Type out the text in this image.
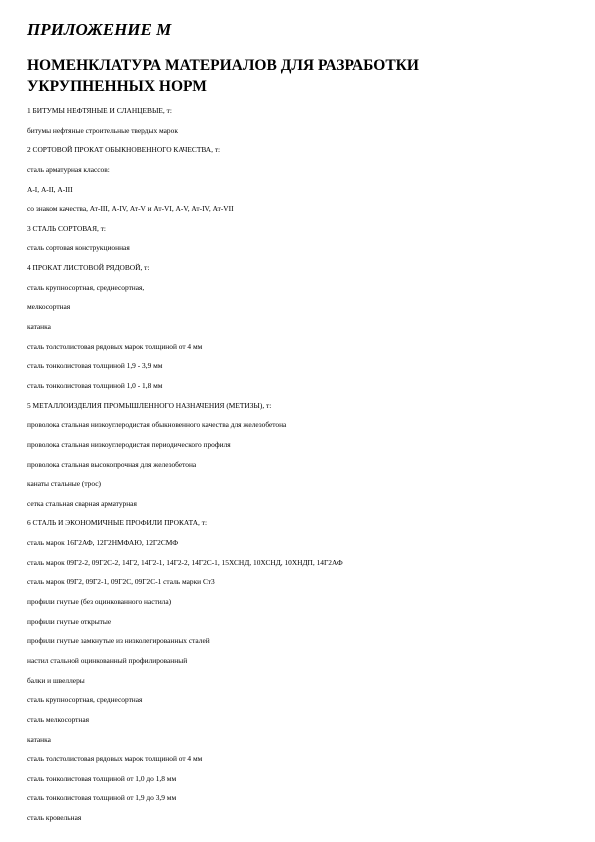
ПРИЛОЖЕНИЕ М
НОМЕНКЛАТУРА МАТЕРИАЛОВ ДЛЯ РАЗРАБОТКИ
УКРУПНЕННЫХ НОРМ
1 БИТУМЫ НЕФТЯНЫЕ И СЛАНЦЕВЫЕ, т:
битумы нефтяные строительные твердых марок
2 СОРТОВОЙ ПРОКАТ ОБЫКНОВЕННОГО КАЧЕСТВА, т:
сталь арматурная классов:
А-I, А-II, А-III
со знаком качества, Ат-III, А-IV, Ат-V и Ат-VI, А-V, Ат-IV, Ат-VII
3 СТАЛЬ СОРТОВАЯ, т:
сталь сортовая конструкционная
4 ПРОКАТ ЛИСТОВОЙ РЯДОВОЙ, т:
сталь крупносортная, среднесортная,
мелкосортная
катанка
сталь толстолистовая рядовых марок толщиной от 4 мм
сталь тонколистовая толщиной 1,9 - 3,9 мм
сталь тонколистовая толщиной 1,0 - 1,8 мм
5 МЕТАЛЛОИЗДЕЛИЯ ПРОМЫШЛЕННОГО НАЗНАЧЕНИЯ (МЕТИЗЫ), т:
проволока стальная низкоуглеродистая обыкновенного качества для железобетона
проволока стальная низкоуглеродистая периодического профиля
проволока стальная высокопрочная для железобетона
канаты стальные (трос)
сетка стальная сварная арматурная
6 СТАЛЬ И ЭКОНОМИЧНЫЕ ПРОФИЛИ ПРОКАТА, т:
сталь марок 16Г2АФ, 12Г2НМФАЮ, 12Г2СМФ
сталь марок 09Г2-2, 09Г2С-2, 14Г2, 14Г2-1, 14Г2-2, 14Г2С-1, 15ХСНД, 10ХСНД, 10ХНДП, 14Г2АФ
сталь марок 09Г2, 09Г2-1, 09Г2С, 09Г2С-1 сталь марки Ст3
профили гнутые (без оцинкованного настила)
профили гнутые открытые
профили гнутые замкнутые из низколегированных сталей
настил стальной оцинкованный профилированный
балки и швеллеры
сталь крупносортная, среднесортная
сталь мелкосортная
катанка
сталь толстолистовая рядовых марок толщиной от 4 мм
сталь тонколистовая толщиной от 1,0 до 1,8 мм
сталь тонколистовая толщиной от 1,9 до 3,9 мм
сталь кровельная
